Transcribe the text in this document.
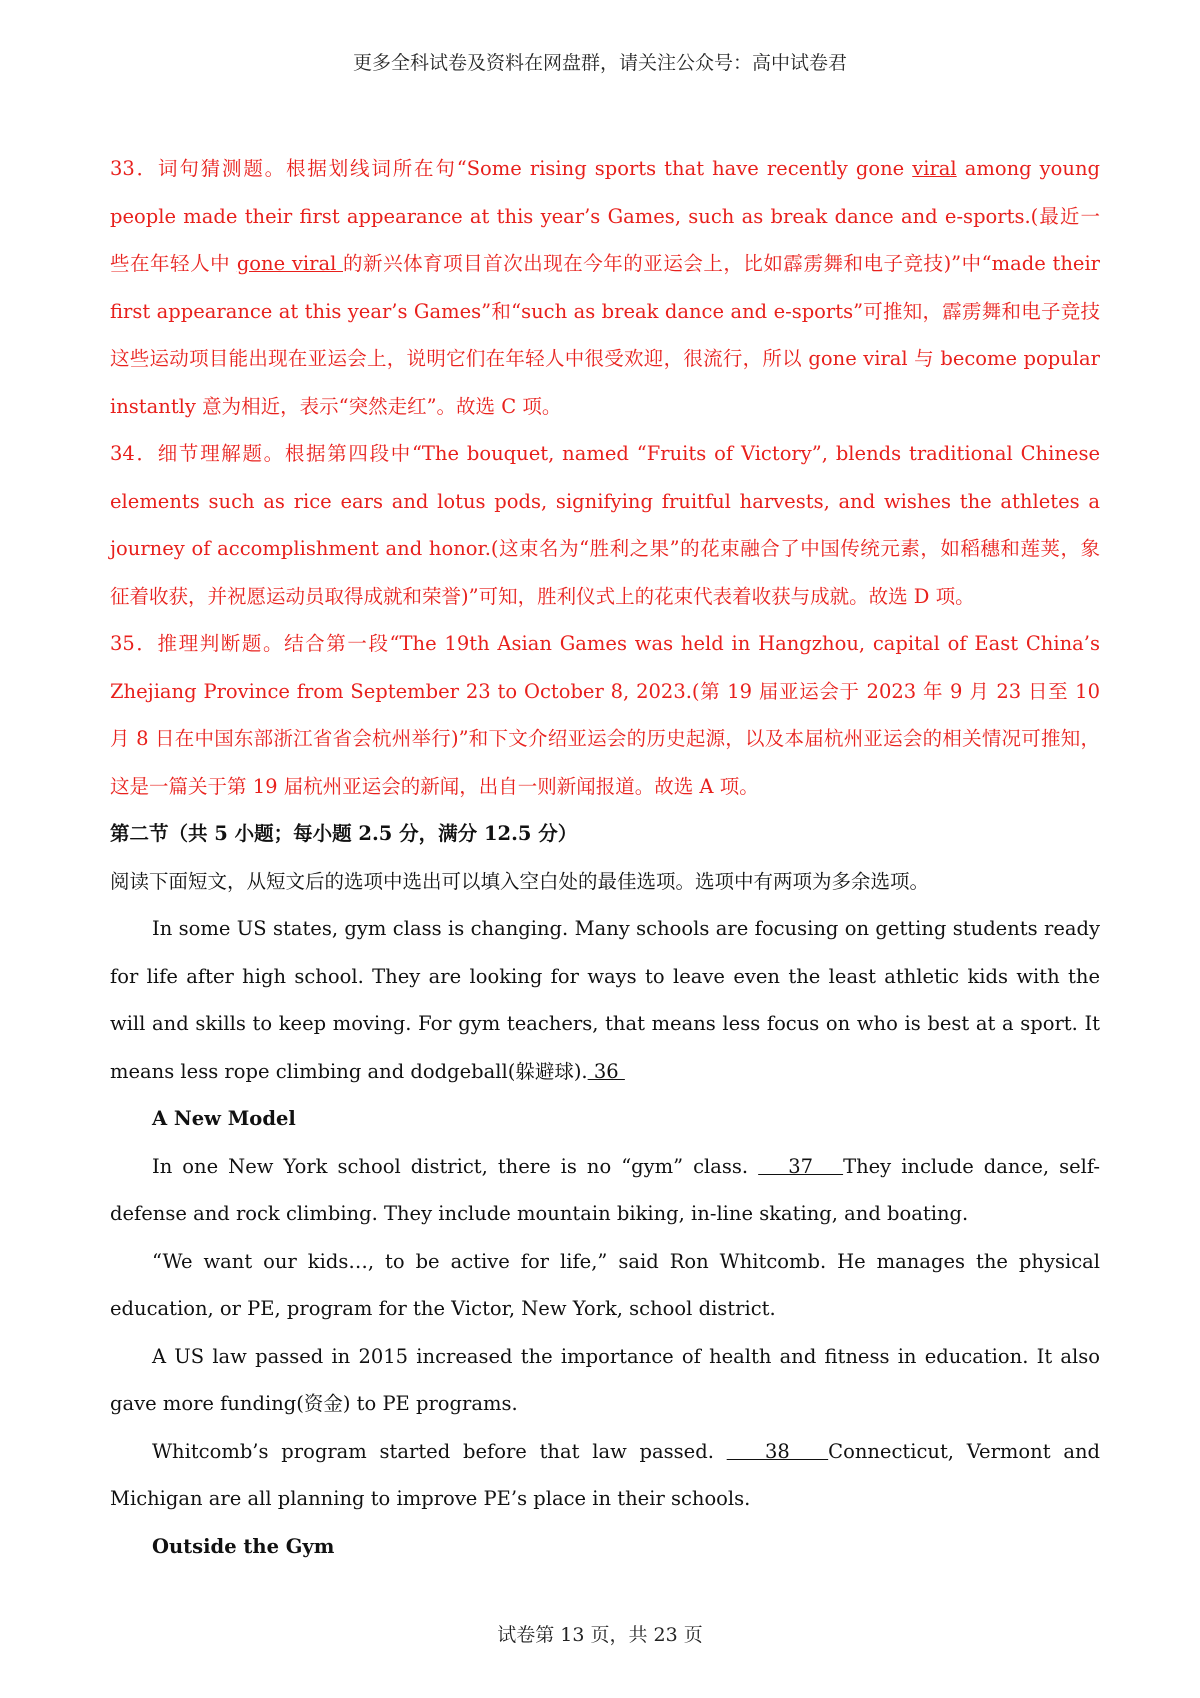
更多全科试卷及资料在网盘群，请关注公众号：高中试卷君

33．词句猜测题。根据划线词所在句“Some rising sports that have recently gone viral among young people made their first appearance at this year’s Games, such as break dance and e-sports.(最近一些在年轻人中 gone viral 的新兴体育项目首次出现在今年的亚运会上，比如霹雳舞和电子竞技)”中“made their first appearance at this year’s Games”和“such as break dance and e-sports”可推知，霹雳舞和电子竞技这些运动项目能出现在亚运会上，说明它们在年轻人中很受欢迎，很流行，所以 gone viral 与 become popular instantly 意为相近，表示“突然走红”。故选 C 项。

34．细节理解题。根据第四段中“The bouquet, named “Fruits of Victory”, blends traditional Chinese elements such as rice ears and lotus pods, signifying fruitful harvests, and wishes the athletes a journey of accomplishment and honor.(这束名为“胜利之果”的花束融合了中国传统元素，如稻穗和莲荚，象征着收获，并祝愿运动员取得成就和荣誉)”可知，胜利仪式上的花束代表着收获与成就。故选 D 项。

35．推理判断题。结合第一段“The 19th Asian Games was held in Hangzhou, capital of East China’s Zhejiang Province from September 23 to October 8, 2023.(第 19 届亚运会于 2023 年 9 月 23 日至 10 月 8 日在中国东部浙江省省会杭州举行)”和下文介绍亚运会的历史起源，以及本届杭州亚运会的相关情况可推知，这是一篇关于第 19 届杭州亚运会的新闻，出自一则新闻报道。故选 A 项。

第二节（共 5 小题；每小题 2.5 分，满分 12.5 分）

阅读下面短文，从短文后的选项中选出可以填入空白处的最佳选项。选项中有两项为多余选项。

In some US states, gym class is changing. Many schools are focusing on getting students ready for life after high school. They are looking for ways to leave even the least athletic kids with the will and skills to keep moving. For gym teachers, that means less focus on who is best at a sport. It means less rope climbing and dodgeball(躲避球). 36

A New Model

In one New York school district, there is no “gym” class.    37   They include dance, self- defense and rock climbing. They include mountain biking, in-line skating, and boating.

“We want our kids…, to be active for life,” said Ron Whitcomb. He manages the physical education, or PE, program for the Victor, New York, school district.

A US law passed in 2015 increased the importance of health and fitness in education. It also gave more funding(资金) to PE programs.

Whitcomb’s program started before that law passed.    38   Connecticut, Vermont and Michigan are all planning to improve PE’s place in their schools.

Outside the Gym

试卷第 13 页，共 23 页
